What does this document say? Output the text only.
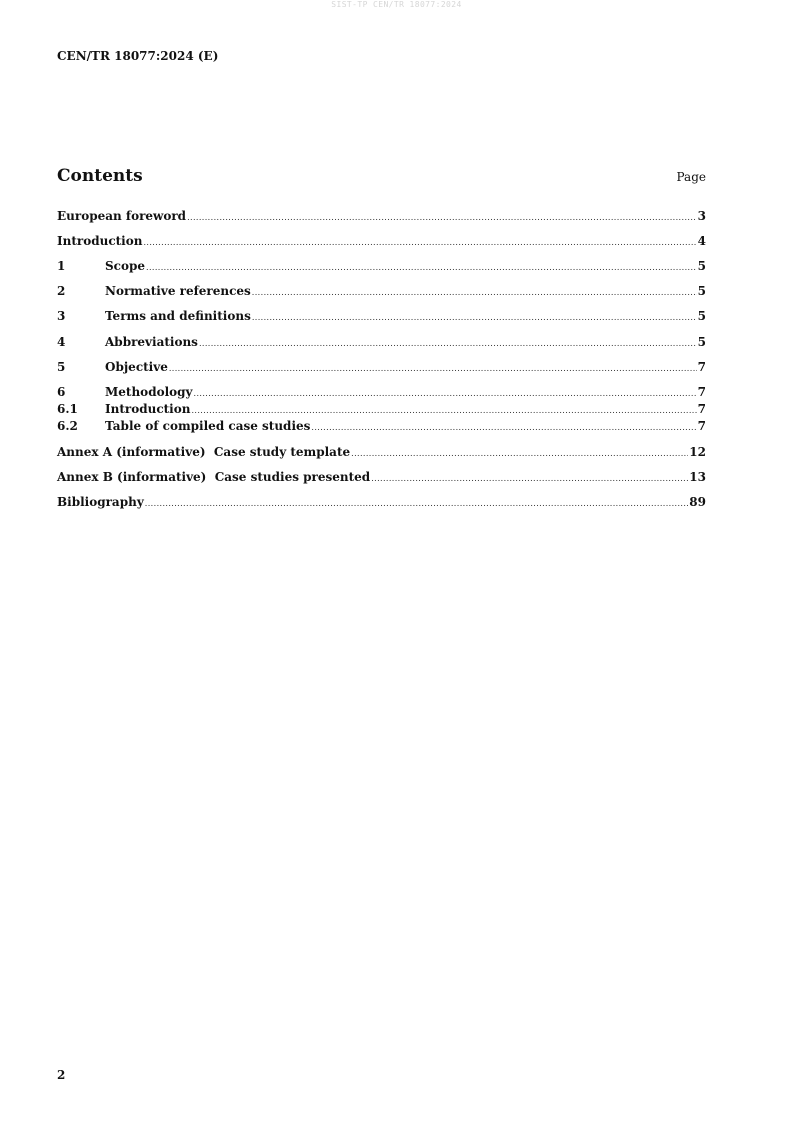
SIST-TP CEN/TR 18077:2024
CEN/TR 18077:2024 (E)
Contents	Page
European foreword .....	3
Introduction .....	4
1	Scope .....	5
2	Normative references .....	5
3	Terms and definitions .....	5
4	Abbreviations .....	5
5	Objective .....	7
6	Methodology .....	7
6.1	Introduction .....	7
6.2	Table of compiled case studies .....	7
Annex A (informative)  Case study template .....	12
Annex B (informative)  Case studies presented .....	13
Bibliography .....	89
2
